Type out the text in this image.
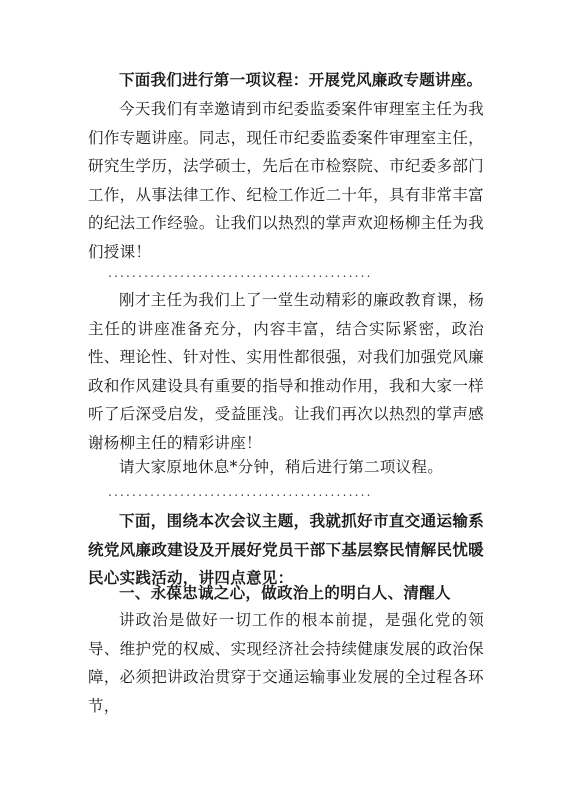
下面我们进行第一项议程：开展党风廉政专题讲座。

今天我们有幸邀请到市纪委监委案件审理室主任为我们作专题讲座。同志，现任市纪委监委案件审理室主任，研究生学历，法学硕士，先后在市检察院、市纪委多部门工作，从事法律工作、纪检工作近二十年，具有非常丰富的纪法工作经验。让我们以热烈的掌声欢迎杨柳主任为我们授课！

............................................

刚才主任为我们上了一堂生动精彩的廉政教育课，杨主任的讲座准备充分，内容丰富，结合实际紧密，政治性、理论性、针对性、实用性都很强，对我们加强党风廉政和作风建设具有重要的指导和推动作用，我和大家一样听了后深受启发，受益匪浅。让我们再次以热烈的掌声感谢杨柳主任的精彩讲座！

请大家原地休息*分钟，稍后进行第二项议程。

............................................

下面，围绕本次会议主题，我就抓好市直交通运输系统党风廉政建设及开展好党员干部下基层察民情解民忧暖民心实践活动，讲四点意见：

一、永葆忠诚之心，做政治上的明白人、清醒人

讲政治是做好一切工作的根本前提，是强化党的领导、维护党的权威、实现经济社会持续健康发展的政治保障，必须把讲政治贯穿于交通运输事业发展的全过程各环节，
